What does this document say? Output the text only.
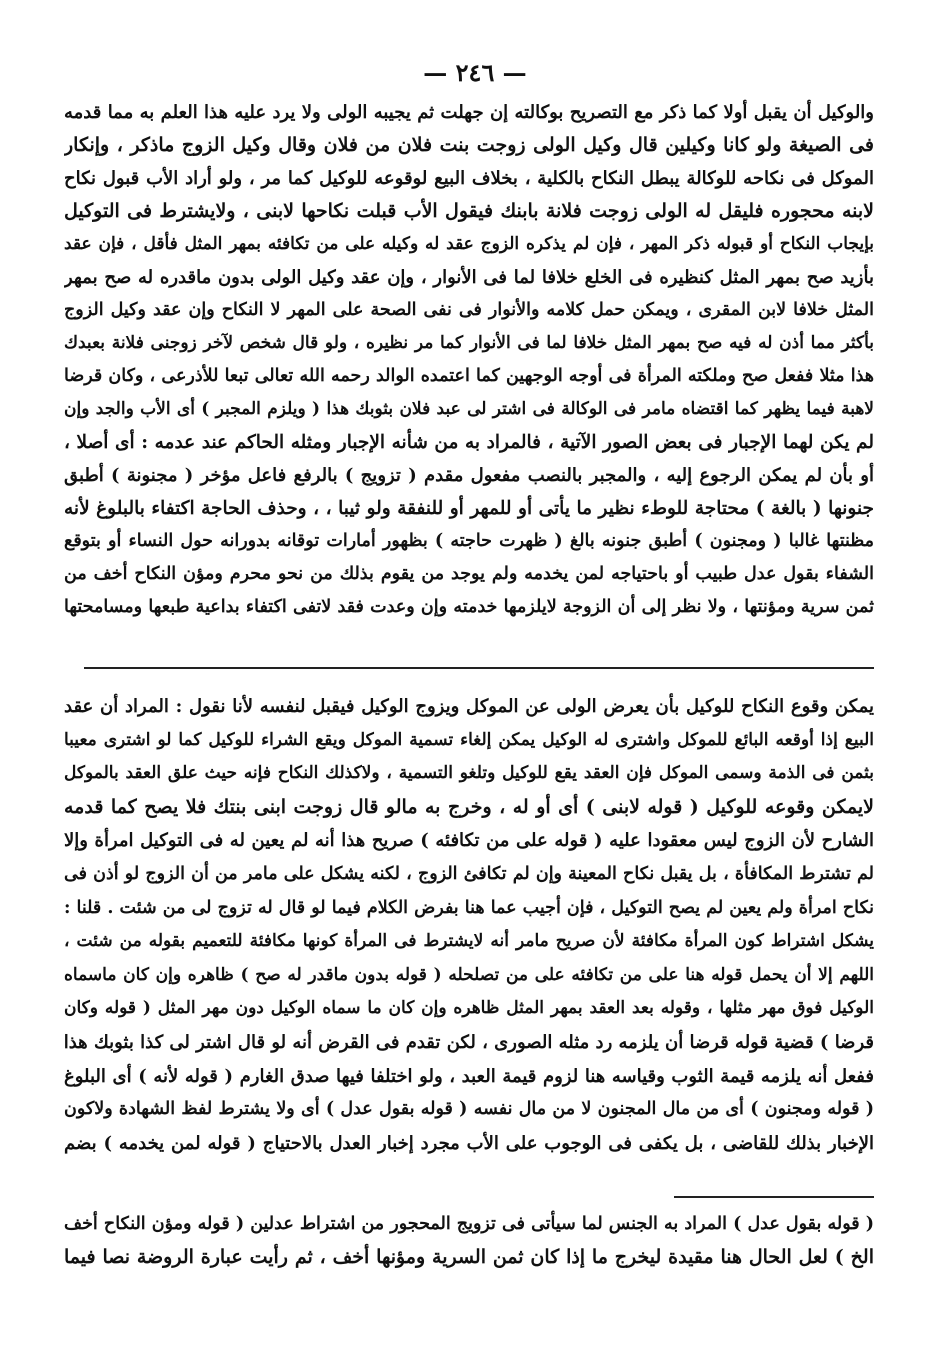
— ٢٤٦ —
والوكيل أن يقبل أولا كما ذكر مع التصريح بوكالته إن جهلت ثم يجيبه الولى ولا يرد عليه هذا العلم به مما قدمه
فى الصيغة ولو كانا وكيلين قال وكيل الولى زوجت بنت فلان من فلان وقال وكيل الزوج ماذكر ، وإنكار
الموكل فى نكاحه للوكالة يبطل النكاح بالكلية ، بخلاف البيع لوقوعه للوكيل كما مر ، ولو أراد الأب قبول نكاح
لابنه محجوره فليقل له الولى زوجت فلانة بابنك فيقول الأب قبلت نكاحها لابنى ، ولايشترط فى التوكيل
بإيجاب النكاح أو قبوله ذكر المهر ، فإن لم يذكره الزوج عقد له وكيله على من تكافئه بمهر المثل فأقل ، فإن عقد
بأزيد صح بمهر المثل كنظيره فى الخلع خلافا لما فى الأنوار ، وإن عقد وكيل الولى بدون ماقدره له صح بمهر
المثل خلافا لابن المقرى ، ويمكن حمل كلامه والأنوار فى نفى الصحة على المهر لا النكاح وإن عقد وكيل الزوج
بأكثر مما أذن له فيه صح بمهر المثل خلافا لما فى الأنوار كما مر نظيره ، ولو قال شخص لآخر زوجنى فلانة بعبدك
هذا مثلا ففعل صح وملكته المرأة فى أوجه الوجهين كما اعتمده الوالد رحمه الله تعالى تبعا للأذرعى ، وكان قرضا
لاهبة فيما يظهر كما اقتضاه مامر فى الوكالة فى اشتر لى عبد فلان بثوبك هذا ( ويلزم المجبر ) أى الأب والجد وإن
لم يكن لهما الإجبار فى بعض الصور الآتية ، فالمراد به من شأنه الإجبار ومثله الحاكم عند عدمه : أى أصلا ،
أو بأن لم يمكن الرجوع إليه ، والمجبر بالنصب مفعول مقدم ( تزويج ) بالرفع فاعل مؤخر ( مجنونة ) أطبق
جنونها ( بالغة ) محتاجة للوطء نظير ما يأتى أو للمهر أو للنفقة ولو ثيبا ، ، وحذف الحاجة اكتفاء بالبلوغ لأنه
مظنتها غالبا ( ومجنون ) أطبق جنونه بالغ ( ظهرت حاجته ) بظهور أمارات توقانه بدورانه حول النساء أو بتوقع
الشفاء بقول عدل طبيب أو باحتياجه لمن يخدمه ولم يوجد من يقوم بذلك من نحو محرم ومؤن النكاح أخف من
ثمن سرية ومؤنتها ، ولا نظر إلى أن الزوجة لايلزمها خدمته وإن وعدت فقد لاتفى اكتفاء بداعية طبعها ومسامحتها
يمكن وقوع النكاح للوكيل بأن يعرض الولى عن الموكل ويزوج الوكيل فيقبل لنفسه لأنا نقول : المراد أن عقد
البيع إذا أوقعه البائع للموكل واشترى له الوكيل يمكن إلغاء تسمية الموكل ويقع الشراء للوكيل كما لو اشترى معيبا
بثمن فى الذمة وسمى الموكل فإن العقد يقع للوكيل وتلغو التسمية ، ولاكذلك النكاح فإنه حيث علق العقد بالموكل
لايمكن وقوعه للوكيل ( قوله لابنى ) أى أو له ، وخرج به مالو قال زوجت ابنى بنتك فلا يصح كما قدمه
الشارح لأن الزوج ليس معقودا عليه ( قوله على من تكافئه ) صريح هذا أنه لم يعين له فى التوكيل امرأة وإلا
لم تشترط المكافأة ، بل يقبل نكاح المعينة وإن لم تكافئ الزوج ، لكنه يشكل على مامر من أن الزوج لو أذن فى
نكاح امرأة ولم يعين لم يصح التوكيل ، فإن أجيب عما هنا بفرض الكلام فيما لو قال له تزوج لى من شئت . قلنا :
يشكل اشتراط كون المرأة مكافئة لأن صريح مامر أنه لايشترط فى المرأة كونها مكافئة للتعميم بقوله من شئت ،
اللهم إلا أن يحمل قوله هنا على من تكافئه على من تصلحله ( قوله بدون ماقدر له صح ) ظاهره وإن كان ماسماه
الوكيل فوق مهر مثلها ، وقوله بعد العقد بمهر المثل ظاهره وإن كان ما سماه الوكيل دون مهر المثل ( قوله وكان
قرضا ) قضية قوله قرضا أن يلزمه رد مثله الصورى ، لكن تقدم فى القرض أنه لو قال اشتر لى كذا بثوبك هذا
ففعل أنه يلزمه قيمة الثوب وقياسه هنا لزوم قيمة العبد ، ولو اختلفا فيها صدق الغارم ( قوله لأنه ) أى البلوغ
( قوله ومجنون ) أى من مال المجنون لا من مال نفسه ( قوله بقول عدل ) أى ولا يشترط لفظ الشهادة ولاكون
الإخبار بذلك للقاضى ، بل يكفى فى الوجوب على الأب مجرد إخبار العدل بالاحتياج ( قوله لمن يخدمه ) بضم
( قوله بقول عدل ) المراد به الجنس لما سيأتى فى تزويج المحجور من اشتراط عدلين ( قوله ومؤن النكاح أخف
الخ ) لعل الحال هنا مقيدة ليخرج ما إذا كان ثمن السرية ومؤنها أخف ، ثم رأيت عبارة الروضة نصا فيما
